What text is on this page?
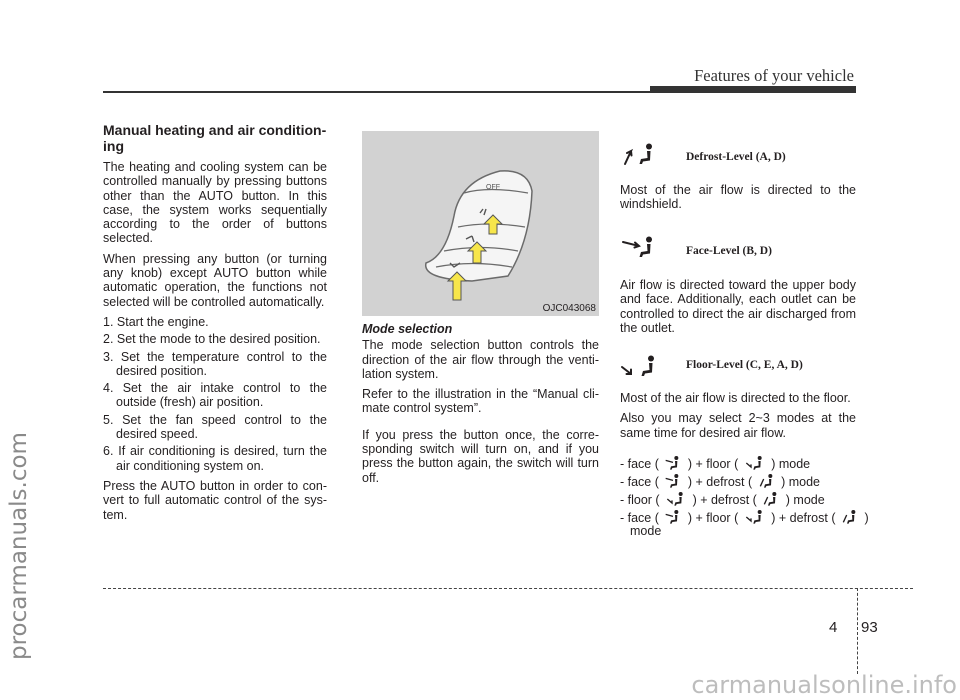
Features of your vehicle
procarmanuals.com
carmanualsonline.info
Manual heating and air condition-ing

The heating and cooling system can be controlled manually by pressing buttons other than the AUTO button. In this case, the system works sequentially according to the order of buttons selected.

When pressing any button (or turning any knob) except AUTO button while automatic operation, the functions not selected will be controlled automatically.

1. Start the engine.
2. Set the mode to the desired position.
3. Set the temperature control to the desired position.
4. Set the air intake control to the outside (fresh) air position.
5. Set the fan speed control to the desired speed.
6. If air conditioning is desired, turn the air conditioning system on.

Press the AUTO button in order to con-vert to full automatic control of the sys-tem.

OFF
OJC043068
Mode selection

The mode selection button controls the direction of the air flow through the venti-lation system.

Refer to the illustration in the “Manual cli-mate control system”.

If you press the button once, the corre-sponding switch will turn on, and if you press the button again, the switch will turn off.

Defrost-Level (A, D)

Most of the air flow is directed to the windshield.

Face-Level (B, D)

Air flow is directed toward the upper body and face. Additionally, each outlet can be controlled to direct the air discharged from the outlet.

Floor-Level (C, E, A, D)

Most of the air flow is directed to the floor.

Also you may select 2~3 modes at the same time for desired air flow.

- face ( ) + floor (	) mode
- face ( ) + defrost ( ) mode
- floor (	) + defrost ( ) mode
- face ( ) + floor (	) + defrost ( )
mode
4 93
